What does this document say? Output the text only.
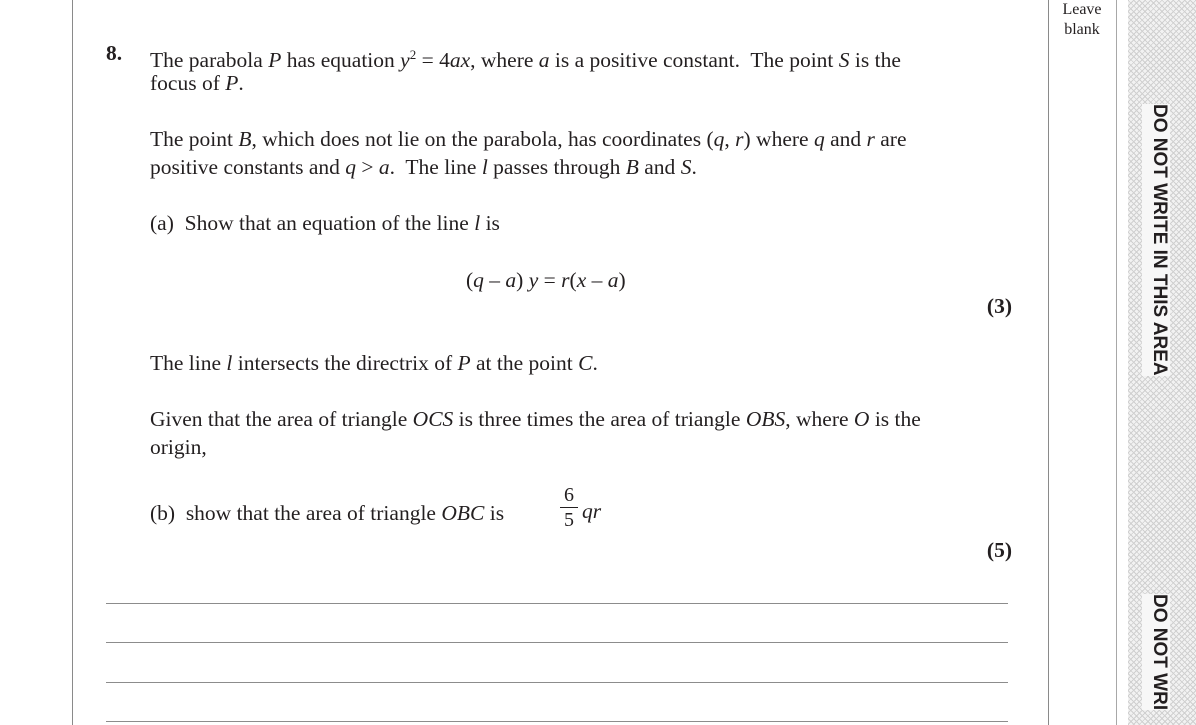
Leave
blank
DO NOT WRITE IN THIS AREA
DO NOT WRI
8. The parabola P has equation $y^2 = 4ax$, where a is a positive constant.  The point S is the
focus of P.
The point B, which does not lie on the parabola, has coordinates (q, r) where q and r are
positive constants and q > a.  The line l passes through B and S.
(a)  Show that an equation of the line l is
(q – a) y = r(x – a)
(3)
The line l intersects the directrix of P at the point C.
Given that the area of triangle OCS is three times the area of triangle OBS, where O is the
origin,
(b)  show that the area of triangle OBC is
6
5 qr
(5)
